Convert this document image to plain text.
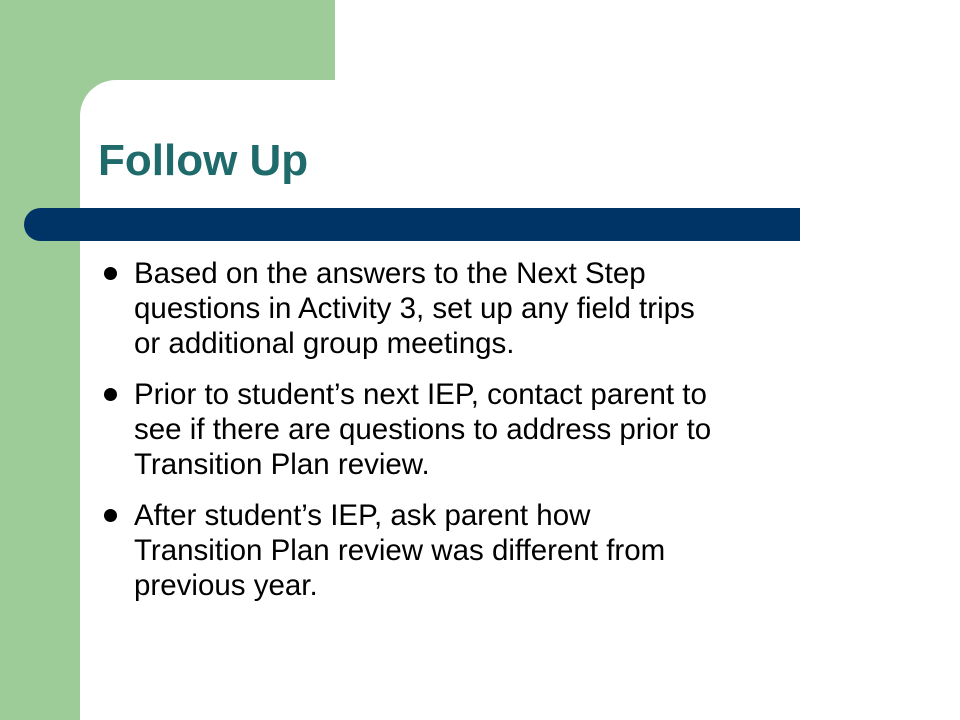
Follow Up
Based on the answers to the Next Step
questions in Activity 3, set up any field trips
or additional group meetings.
Prior to student’s next IEP, contact parent to
see if there are questions to address prior to
Transition Plan review.
After student’s IEP, ask parent how
Transition Plan review was different from
previous year.
